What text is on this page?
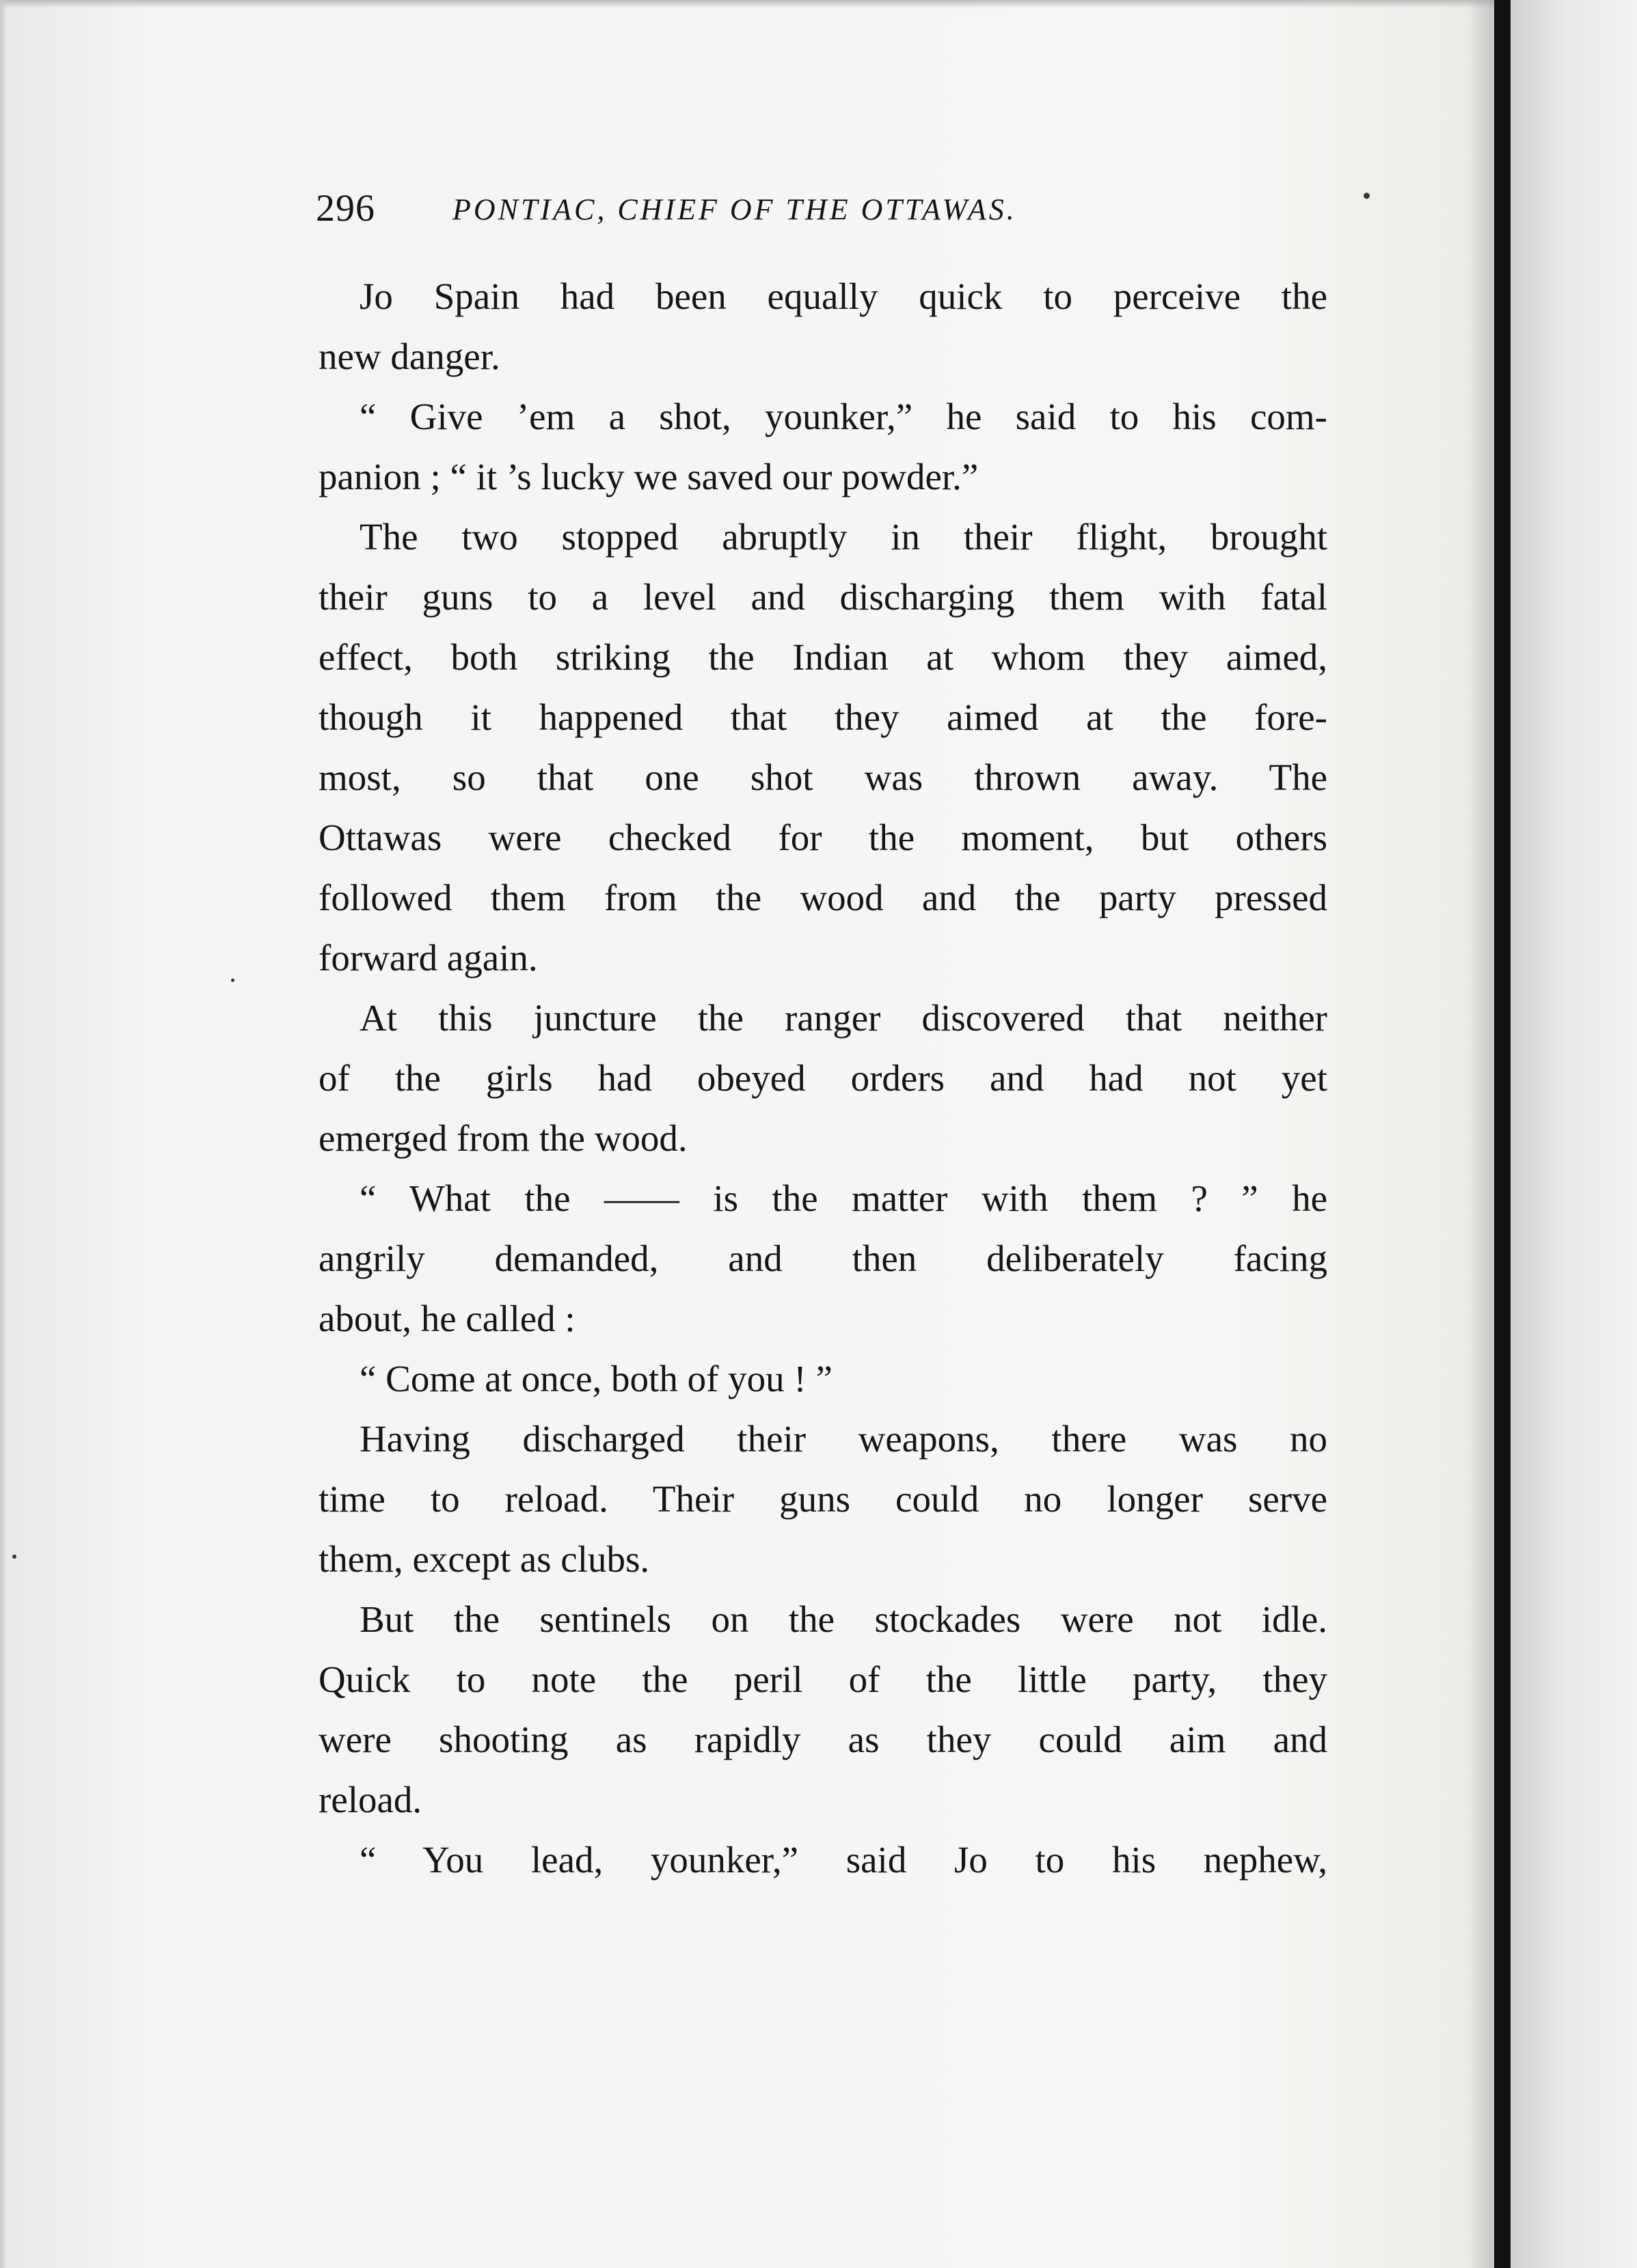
296	PONTIAC, CHIEF OF THE OTTAWAS.
Jo Spain had been equally quick to perceive the
new danger.
“ Give ’em a shot, younker,” he said to his com-
panion ; “ it ’s lucky we saved our powder.”
The two stopped abruptly in their flight, brought
their guns to a level and discharging them with fatal
effect, both striking the Indian at whom they aimed,
though it happened that they aimed at the fore-
most, so that one shot was thrown away. The
Ottawas were checked for the moment, but others
followed them from the wood and the party pressed
forward again.
At this juncture the ranger discovered that neither
of the girls had obeyed orders and had not yet
emerged from the wood.
“ What the —— is the matter with them ? ” he
angrily demanded, and then deliberately facing
about, he called :
“ Come at once, both of you ! ”
Having discharged their weapons, there was no
time to reload. Their guns could no longer serve
them, except as clubs.
But the sentinels on the stockades were not idle.
Quick to note the peril of the little party, they
were shooting as rapidly as they could aim and
reload.
“ You lead, younker,” said Jo to his nephew,
